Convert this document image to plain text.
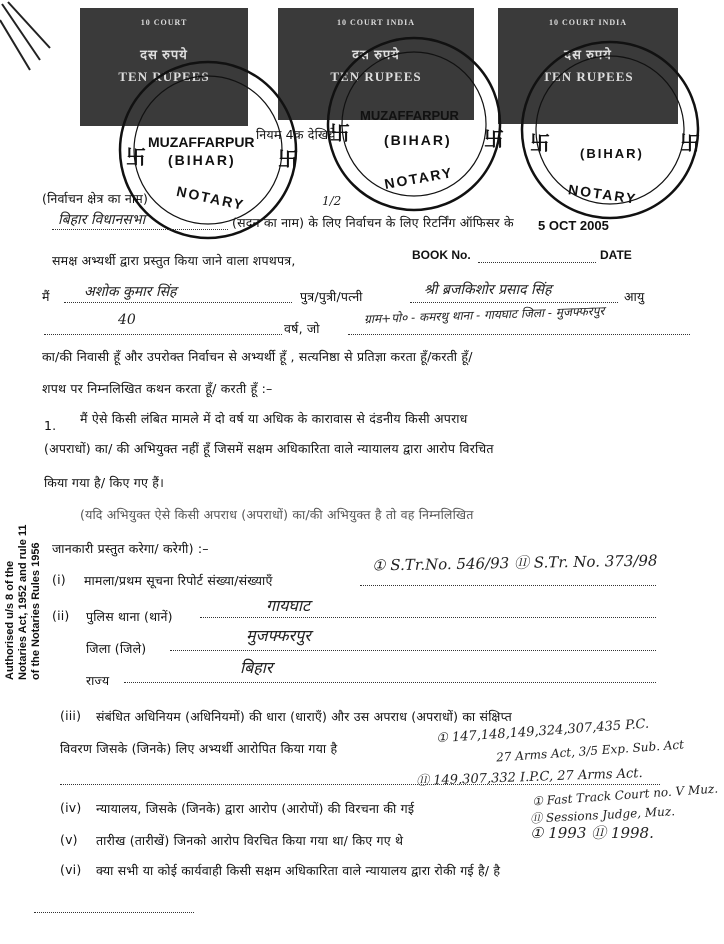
10 COURT
दस रुपये
TEN RUPEES
10 COURT INDIA
दस रुपये
TEN RUPEES
10 COURT INDIA
दस रुपये
TEN RUPEES
卐	卐
卐	卐 卐	卐
MUZAFFARPUR
(BIHAR)
NOTARY
MUZAFFARPUR
(BIHAR)
NOTARY
(BIHAR)
NOTARY
नियम 4क देखिये
1/2
(निर्वाचन क्षेत्र का नाम)
बिहार विधानसभा	(सदन का नाम) के लिए निर्वाचन के लिए रिटर्निंग ऑफिसर के 5 OCT 2005
समक्ष अभ्यर्थी द्वारा प्रस्तुत किया जाने वाला शपथपत्र,	BOOK No.	DATE
मैं अशोक कुमार सिंह	पुत्र/पुत्री/पत्नी	श्री ब्रजकिशोर प्रसाद सिंह	आयु
40
वर्ष, जो
ग्राम+पो० - कमरथु थाना - गायघाट जिला - मुजफ्फरपुर
का/की निवासी हूँ और उपरोक्त निर्वाचन से अभ्यर्थी हूँ , सत्यनिष्ठा से प्रतिज्ञा करता हूँ/करती हूँ/
शपथ पर निम्नलिखित कथन करता हूँ/ करती हूँ :–
1. मैं ऐसे किसी लंबित मामले में दो वर्ष या अधिक के कारावास से दंडनीय किसी अपराध
(अपराधों) का/ की अभियुक्त नहीं हूँ जिसमें सक्षम अधिकारिता वाले न्यायालय द्वारा आरोप विरचित
किया गया है/ किए गए हैं।
(यदि अभियुक्त ऐसे किसी अपराध (अपराधों) का/की अभियुक्त है तो वह निम्नलिखित
जानकारी प्रस्तुत करेगा/ करेगी) :–
(i) मामला/प्रथम सूचना रिपोर्ट संख्या/संख्याएँ
① S.Tr.No. 546/93 ⑪ S.Tr. No. 373/98
(ii) पुलिस थाना (थानें)
गायघाट
जिला (जिले)
मुजफ्फरपुर
राज्य
बिहार
(iii) संबंधित अधिनियम (अधिनियमों) की धारा (धाराएँ) और उस अपराध (अपराधों) का संक्षिप्त
विवरण जिसके (जिनके) लिए अभ्यर्थी आरोपित किया गया है
① 147,148,149,324,307,435 P.C.
27 Arms Act, 3/5 Exp. Sub. Act
⑪ 149,307,332 I.P.C, 27 Arms Act.
① Fast Track Court no. V Muz.
(iv) न्यायालय, जिसके (जिनके) द्वारा आरोप (आरोपों) की विरचना की गई	⑪ Sessions Judge, Muz.
(v) तारीख (तारीखें) जिनको आरोप विरचित किया गया था/ किए गए थे	① 1993 ⑪ 1998.
(vi) क्या सभी या कोई कार्यवाही किसी सक्षम अधिकारिता वाले न्यायालय द्वारा रोकी गई है/ है
Authorised u/s 8 of the Notaries Act, 1952 and rule 11 of the Notaries Rules 1956
